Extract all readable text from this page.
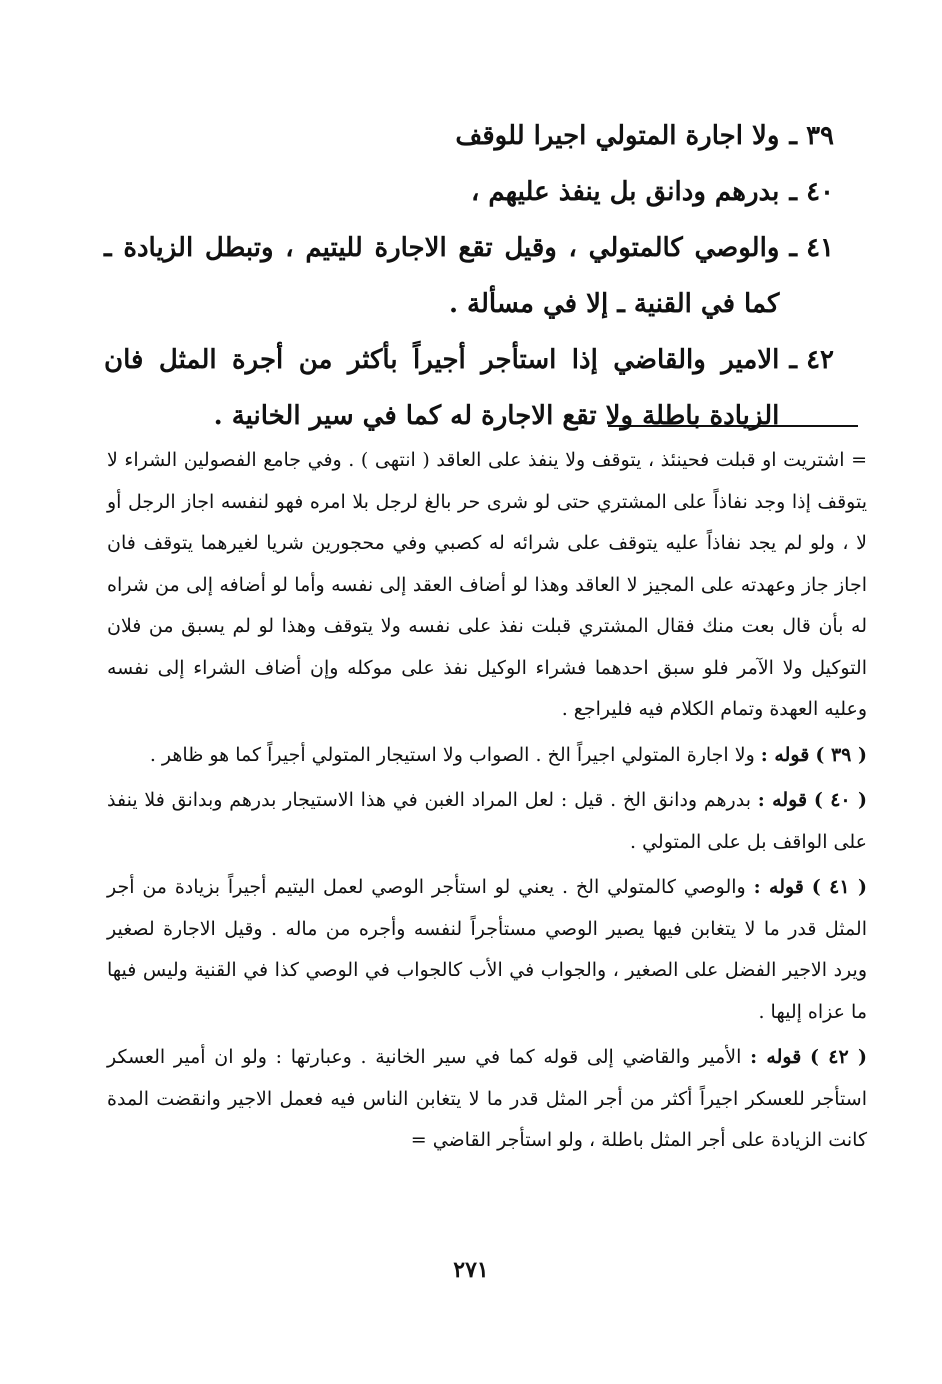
٣٩ ـ
ولا اجارة المتولي اجيرا للوقف
٤٠ ـ
بدرهم ودانق بل ينفذ عليهم ،
٤١ ـ
والوصي كالمتولي ، وقيل تقع الاجارة لليتيم ، وتبطل الزيادة ـ كما في القنية ـ إلا في مسألة .
٤٢ ـ
الامير والقاضي إذا استأجر أجيراً بأكثر من أجرة المثل فان الزيادة باطلة ولا تقع الاجارة له كما في سير الخانية .

= اشتريت او قبلت فحينئذ ، يتوقف ولا ينفذ على العاقد ( انتهى ) . وفي جامع الفصولين الشراء لا يتوقف إذا وجد نفاذاً على المشتري حتى لو شرى حر بالغ لرجل بلا امره فهو لنفسه اجاز الرجل أو لا ، ولو لم يجد نفاذاً عليه يتوقف على شرائه له كصبي وفي محجورين شريا لغيرهما يتوقف فان اجاز جاز وعهدته على المجيز لا العاقد وهذا لو أضاف العقد إلى نفسه وأما لو أضافه إلى من شراه له بأن قال بعت منك فقال المشتري قبلت نفذ على نفسه ولا يتوقف وهذا لو لم يسبق من فلان التوكيل ولا الآمر فلو سبق احدهما فشراء الوكيل نفذ على موكله وإن أضاف الشراء إلى نفسه وعليه العهدة وتمام الكلام فيه فليراجع .

( ٣٩ ) قوله : ولا اجارة المتولي اجيراً الخ . الصواب ولا استيجار المتولي أجيراً كما هو ظاهر .

( ٤٠ ) قوله : بدرهم ودانق الخ . قيل : لعل المراد الغبن في هذا الاستيجار بدرهم وبدانق فلا ينفذ على الواقف بل على المتولي .

( ٤١ ) قوله : والوصي كالمتولي الخ . يعني لو استأجر الوصي لعمل اليتيم أجيراً بزيادة من أجر المثل قدر ما لا يتغابن فيها يصير الوصي مستأجراً لنفسه وأجره من ماله . وقيل الاجارة لصغير ويرد الاجير الفضل على الصغير ، والجواب في الأب كالجواب في الوصي كذا في القنية وليس فيها ما عزاه إليها .

( ٤٢ ) قوله : الأمير والقاضي إلى قوله كما في سير الخانية . وعبارتها : ولو ان أمير العسكر استأجر للعسكر اجيراً أكثر من أجر المثل قدر ما لا يتغابن الناس فيه فعمل الاجير وانقضت المدة كانت الزيادة على أجر المثل باطلة ، ولو استأجر القاضي =

٢٧١
